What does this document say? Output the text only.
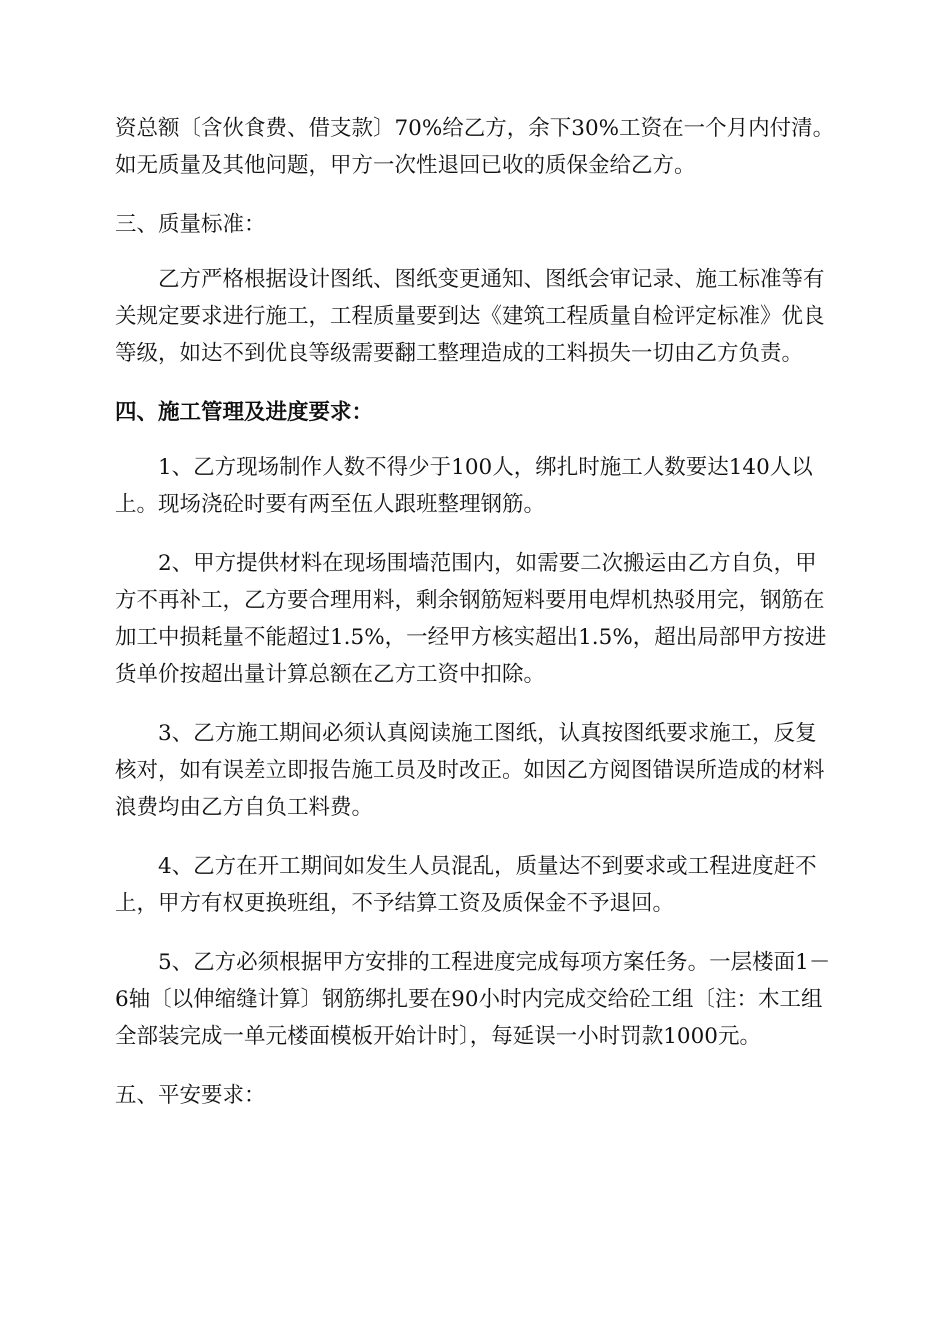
资总额〔含伙食费、借支款〕70%给乙方，余下30%工资在一个月内付清。如无质量及其他问题，甲方一次性退回已收的质保金给乙方。

三、质量标准：

乙方严格根据设计图纸、图纸变更通知、图纸会审记录、施工标准等有关规定要求进行施工，工程质量要到达《建筑工程质量自检评定标准》优良等级，如达不到优良等级需要翻工整理造成的工料损失一切由乙方负责。

四、施工管理及进度要求：

1、乙方现场制作人数不得少于100人，绑扎时施工人数要达140人以上。现场浇砼时要有两至伍人跟班整理钢筋。

2、甲方提供材料在现场围墙范围内，如需要二次搬运由乙方自负，甲方不再补工，乙方要合理用料，剩余钢筋短料要用电焊机热驳用完，钢筋在加工中损耗量不能超过1.5%，一经甲方核实超出1.5%，超出局部甲方按进货单价按超出量计算总额在乙方工资中扣除。

3、乙方施工期间必须认真阅读施工图纸，认真按图纸要求施工，反复核对，如有误差立即报告施工员及时改正。如因乙方阅图错误所造成的材料浪费均由乙方自负工料费。

4、乙方在开工期间如发生人员混乱，质量达不到要求或工程进度赶不上，甲方有权更换班组，不予结算工资及质保金不予退回。

5、乙方必须根据甲方安排的工程进度完成每项方案任务。一层楼面1－6轴〔以伸缩缝计算〕钢筋绑扎要在90小时内完成交给砼工组〔注：木工组全部装完成一单元楼面模板开始计时〕，每延误一小时罚款1000元。

五、平安要求：
